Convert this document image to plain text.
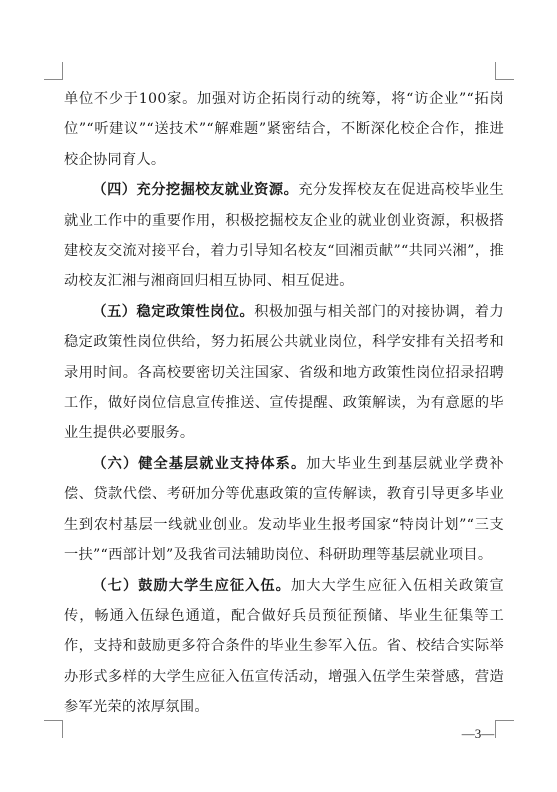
单位不少于100家。加强对访企拓岗行动的统筹，将“访企业”“拓岗位”“听建议”“送技术”“解难题”紧密结合，不断深化校企合作，推进校企协同育人。

（四）充分挖掘校友就业资源。充分发挥校友在促进高校毕业生就业工作中的重要作用，积极挖掘校友企业的就业创业资源，积极搭建校友交流对接平台，着力引导知名校友“回湘贡献”“共同兴湘”，推动校友汇湘与湘商回归相互协同、相互促进。

（五）稳定政策性岗位。积极加强与相关部门的对接协调，着力稳定政策性岗位供给，努力拓展公共就业岗位，科学安排有关招考和录用时间。各高校要密切关注国家、省级和地方政策性岗位招录招聘工作，做好岗位信息宣传推送、宣传提醒、政策解读，为有意愿的毕业生提供必要服务。

（六）健全基层就业支持体系。加大毕业生到基层就业学费补偿、贷款代偿、考研加分等优惠政策的宣传解读，教育引导更多毕业生到农村基层一线就业创业。发动毕业生报考国家“特岗计划”“三支一扶”“西部计划”及我省司法辅助岗位、科研助理等基层就业项目。

（七）鼓励大学生应征入伍。加大大学生应征入伍相关政策宣传，畅通入伍绿色通道，配合做好兵员预征预储、毕业生征集等工作，支持和鼓励更多符合条件的毕业生参军入伍。省、校结合实际举办形式多样的大学生应征入伍宣传活动，增强入伍学生荣誉感，营造参军光荣的浓厚氛围。

—3—
